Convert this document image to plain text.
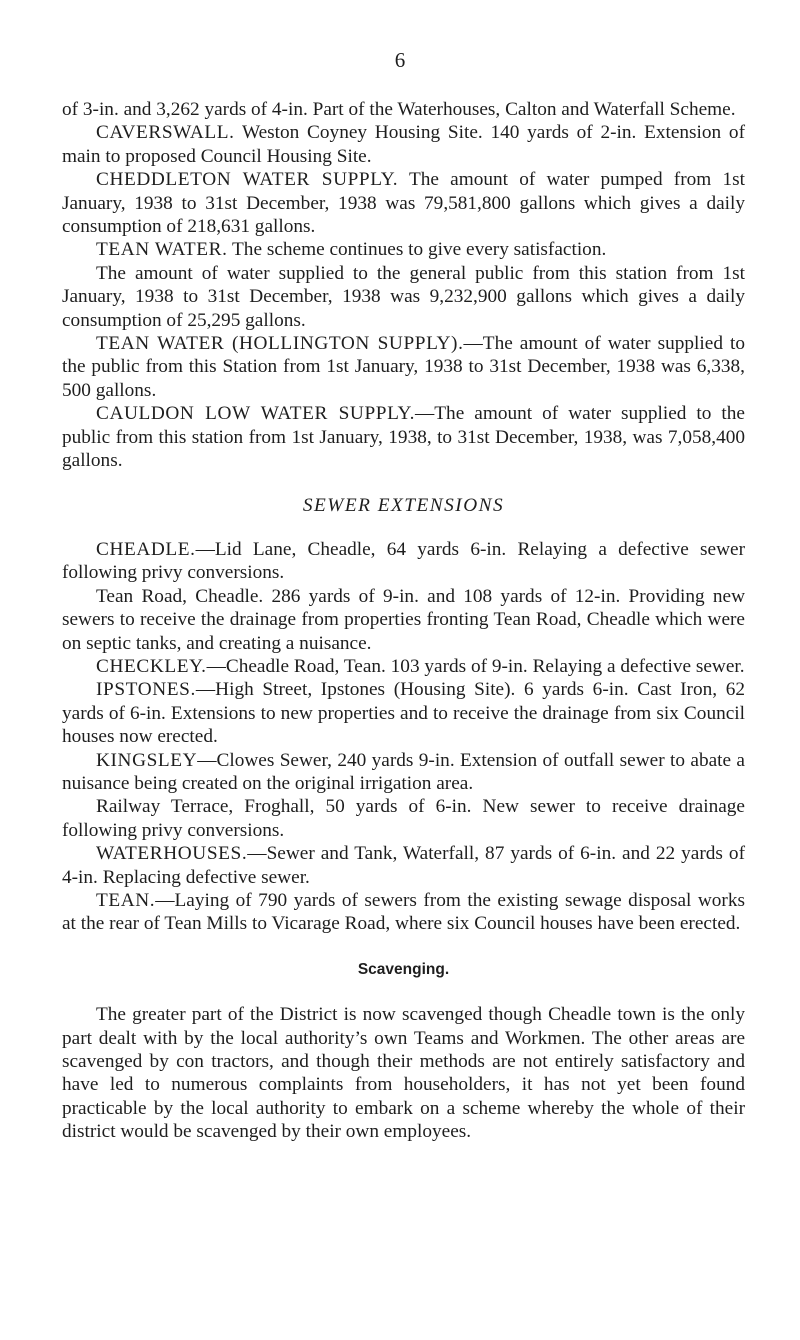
6

of 3-in. and 3,262 yards of 4-in. Part of the Waterhouses, Calton and Waterfall Scheme.

CAVERSWALL. Weston Coyney Housing Site. 140 yards of 2-in. Extension of main to proposed Council Housing Site.

CHEDDLETON WATER SUPPLY. The amount of water pumped from 1st January, 1938 to 31st December, 1938 was 79,581,800 gallons which gives a daily consumption of 218,631 gallons.

TEAN WATER. The scheme continues to give every satisfaction.

The amount of water supplied to the general public from this station from 1st January, 1938 to 31st December, 1938 was 9,232,900 gallons which gives a daily consumption of 25,295 gallons.

TEAN WATER (HOLLINGTON SUPPLY).—The amount of water supplied to the public from this Station from 1st January, 1938 to 31st December, 1938 was 6,338, 500 gallons.

CAULDON LOW WATER SUPPLY.—The amount of water supplied to the public from this station from 1st January, 1938, to 31st December, 1938, was 7,058,400 gallons.

SEWER EXTENSIONS

CHEADLE.—Lid Lane, Cheadle, 64 yards 6-in. Relaying a defective sewer following privy conversions.

Tean Road, Cheadle. 286 yards of 9-in. and 108 yards of 12-in. Providing new sewers to receive the drainage from properties fronting Tean Road, Cheadle which were on septic tanks, and creating a nuisance.

CHECKLEY.—Cheadle Road, Tean. 103 yards of 9-in. Relaying a defective sewer.

IPSTONES.—High Street, Ipstones (Housing Site). 6 yards 6-in. Cast Iron, 62 yards of 6-in. Extensions to new properties and to receive the drainage from six Council houses now erected.

KINGSLEY—Clowes Sewer, 240 yards 9-in. Extension of outfall sewer to abate a nuisance being created on the original irrigation area.

Railway Terrace, Froghall, 50 yards of 6-in. New sewer to receive drainage following privy conversions.

WATERHOUSES.—Sewer and Tank, Waterfall, 87 yards of 6-in. and 22 yards of 4-in. Replacing defective sewer.

TEAN.—Laying of 790 yards of sewers from the existing sewage disposal works at the rear of Tean Mills to Vicarage Road, where six Council houses have been erected.

Scavenging.

The greater part of the District is now scavenged though Cheadle town is the only part dealt with by the local authority’s own Teams and Workmen. The other areas are scavenged by con tractors, and though their methods are not entirely satisfactory and have led to numerous complaints from householders, it has not yet been found practicable by the local authority to embark on a scheme whereby the whole of their district would be scavenged by their own employees.
